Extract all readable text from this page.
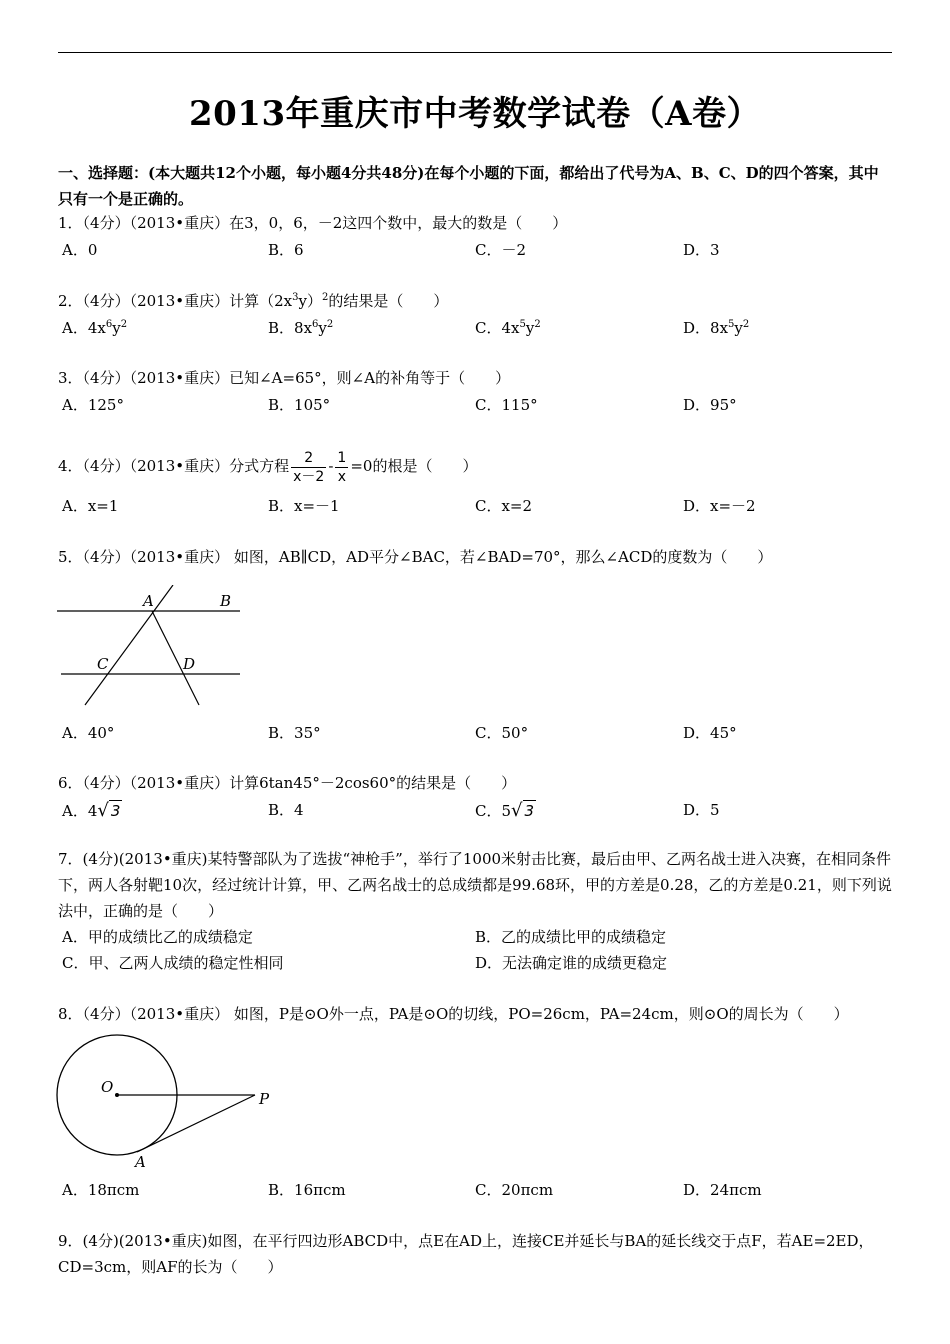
2013年重庆市中考数学试卷（A卷）
一、选择题：(本大题共12个小题，每小题4分共48分)在每个小题的下面，都给出了代号为A、B、C、D的四个答案，其中只有一个是正确的。
1．（4分）（2013•重庆）在3，0，6，－2这四个数中，最大的数是（　　）
A．0	B．6	C．－2	D．3
2．（4分）（2013•重庆）计算$(2x^3y)^2$的结果是（　　）
A．$4x^6y^2$	B．$8x^6y^2$	C．$4x^5y^2$	D．$8x^5y^2$
3．（4分）（2013•重庆）已知∠A=65°，则∠A的补角等于（　　）
A．125°	B．105°	C．115°	D．95°
4．（4分）（2013•重庆）分式方程 $\frac{2}{x-2} - \frac{1}{x} =0$的根是（　　）
A．x=1	B．x=－1	C．x=2	D．x=－2
5．（4分）（2013•重庆） 如图，AB∥CD，AD平分∠BAC，若∠BAD=70°，那么∠ACD的度数为（　　）
A	B
C	D
A．40°	B．35°	C．50°	D．45°
6．（4分）（2013•重庆）计算6tan45°－2cos60°的结果是（　　）
A．4√ 3	B．4	C．5√ 3	D．5
7．(4分)(2013•重庆)某特警部队为了选拔“神枪手”，举行了1000米射击比赛，最后由甲、乙两名战士进入决赛，在相同条件下，两人各射靶10次，经过统计计算，甲、乙两名战士的总成绩都是99.68环，甲的方差是0.28，乙的方差是0.21，则下列说法中，正确的是（　　）
A．甲的成绩比乙的成绩稳定	B．乙的成绩比甲的成绩稳定
C．甲、乙两人成绩的稳定性相同	D．无法确定谁的成绩更稳定
8．（4分）（2013•重庆） 如图，P是⊙O外一点，PA是⊙O的切线，PO=26cm，PA=24cm，则⊙O的周长为（　　）
O
P
A
A．18πcm	B．16πcm	C．20πcm	D．24πcm
9．(4分)(2013•重庆)如图，在平行四边形ABCD中，点E在AD上，连接CE并延长与BA的延长线交于点F，若AE=2ED，CD=3cm，则AF的长为（　　）
